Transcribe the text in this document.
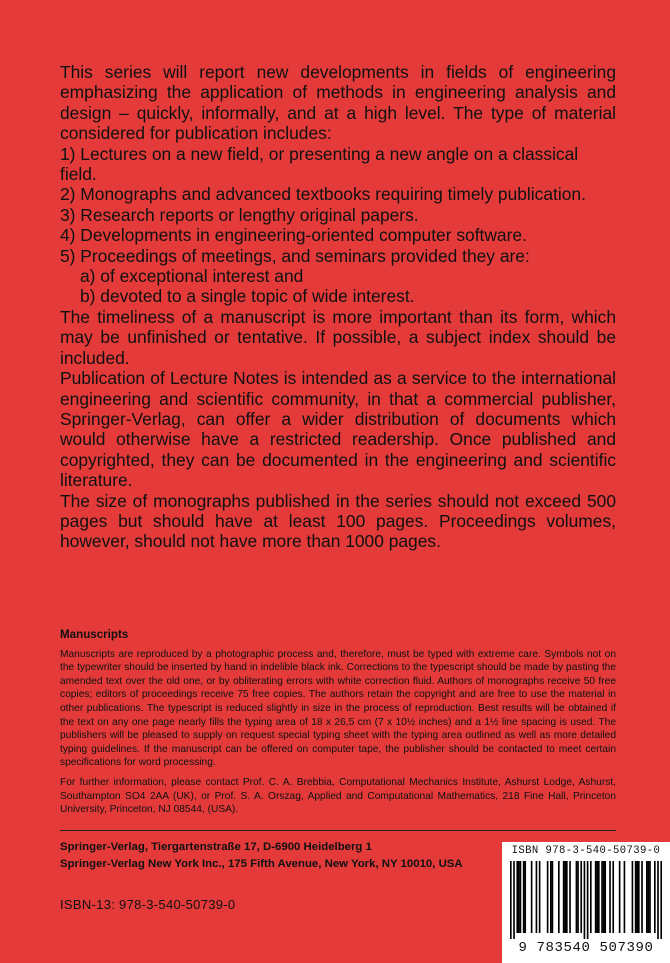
This series will report new developments in fields of engineering emphasizing the application of methods in engineering analysis and design – quickly, informally, and at a high level. The type of material considered for publication includes:

1) Lectures on a new field, or presenting a new angle on a classical field.
2) Monographs and advanced textbooks requiring timely publication.
3) Research reports or lengthy original papers.
4) Developments in engineering-oriented computer software.
5) Proceedings of meetings, and seminars provided they are:
a) of exceptional interest and
b) devoted to a single topic of wide interest.

The timeliness of a manuscript is more important than its form, which may be unfinished or tentative. If possible, a subject index should be included.

Publication of Lecture Notes is intended as a service to the international engineering and scientific community, in that a commercial publisher, Springer-Verlag, can offer a wider distribution of documents which would otherwise have a restricted readership. Once published and copyrighted, they can be documented in the engineering and scientific literature.

The size of monographs published in the series should not exceed 500 pages but should have at least 100 pages. Proceedings volumes, however, should not have more than 1000 pages.

Manuscripts

Manuscripts are reproduced by a photographic process and, therefore, must be typed with extreme care. Symbols not on the typewriter should be inserted by hand in indelible black ink. Corrections to the typescript should be made by pasting the amended text over the old one, or by obliterating errors with white correction fluid. Authors of monographs receive 50 free copies; editors of proceedings receive 75 free copies. The authors retain the copyright and are free to use the material in other publications. The typescript is reduced slightly in size in the process of reproduction. Best results will be obtained if the text on any one page nearly fills the typing area of 18 x 26,5 cm (7 x 10½ inches) and a 1½ line spacing is used. The publishers will be pleased to supply on request special typing sheet with the typing area outlined as well as more detailed typing guidelines. If the manuscript can be offered on computer tape, the publisher should be contacted to meet certain specifications for word processing.

For further information, please contact Prof. C. A. Brebbia, Computational Mechanics Institute, Ashurst Lodge, Ashurst, Southampton SO4 2AA (UK), or Prof. S. A. Orszag, Applied and Computational Mathematics, 218 Fine Hall, Princeton University, Princeton, NJ 08544, (USA).

Springer-Verlag, Tiergartenstraße 17, D-6900 Heidelberg 1
Springer-Verlag New York Inc., 175 Fifth Avenue, New York, NY 10010, USA
ISBN-13: 978-3-540-50739-0
ISBN 978-3-540-50739-0
9 783540 507390
